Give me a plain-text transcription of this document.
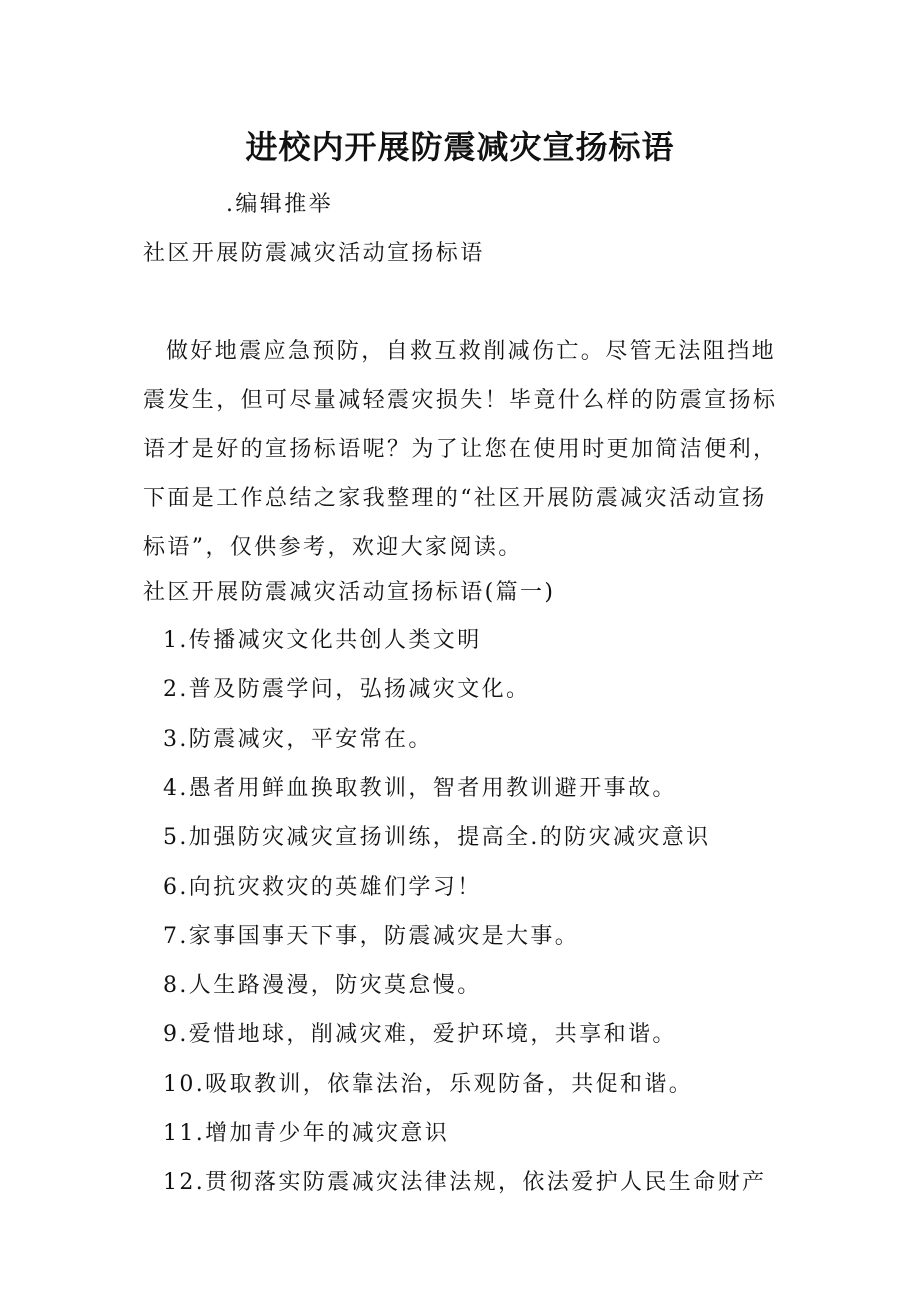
进校内开展防震减灾宣扬标语
.编辑推举
社区开展防震减灾活动宣扬标语
做好地震应急预防，自救互救削减伤亡。尽管无法阻挡地
震发生，但可尽量减轻震灾损失！毕竟什么样的防震宣扬标
语才是好的宣扬标语呢？为了让您在使用时更加简洁便利，
下面是工作总结之家我整理的“社区开展防震减灾活动宣扬
标语”，仅供参考，欢迎大家阅读。
社区开展防震减灾活动宣扬标语(篇一)
1.传播减灾文化共创人类文明
2.普及防震学问，弘扬减灾文化。
3.防震减灾，平安常在。
4.愚者用鲜血换取教训，智者用教训避开事故。
5.加强防灾减灾宣扬训练，提高全.的防灾减灾意识
6.向抗灾救灾的英雄们学习！
7.家事国事天下事，防震减灾是大事。
8.人生路漫漫，防灾莫怠慢。
9.爱惜地球，削减灾难，爱护环境，共享和谐。
10.吸取教训，依靠法治，乐观防备，共促和谐。
11.增加青少年的减灾意识
12.贯彻落实防震减灾法律法规，依法爱护人民生命财产
